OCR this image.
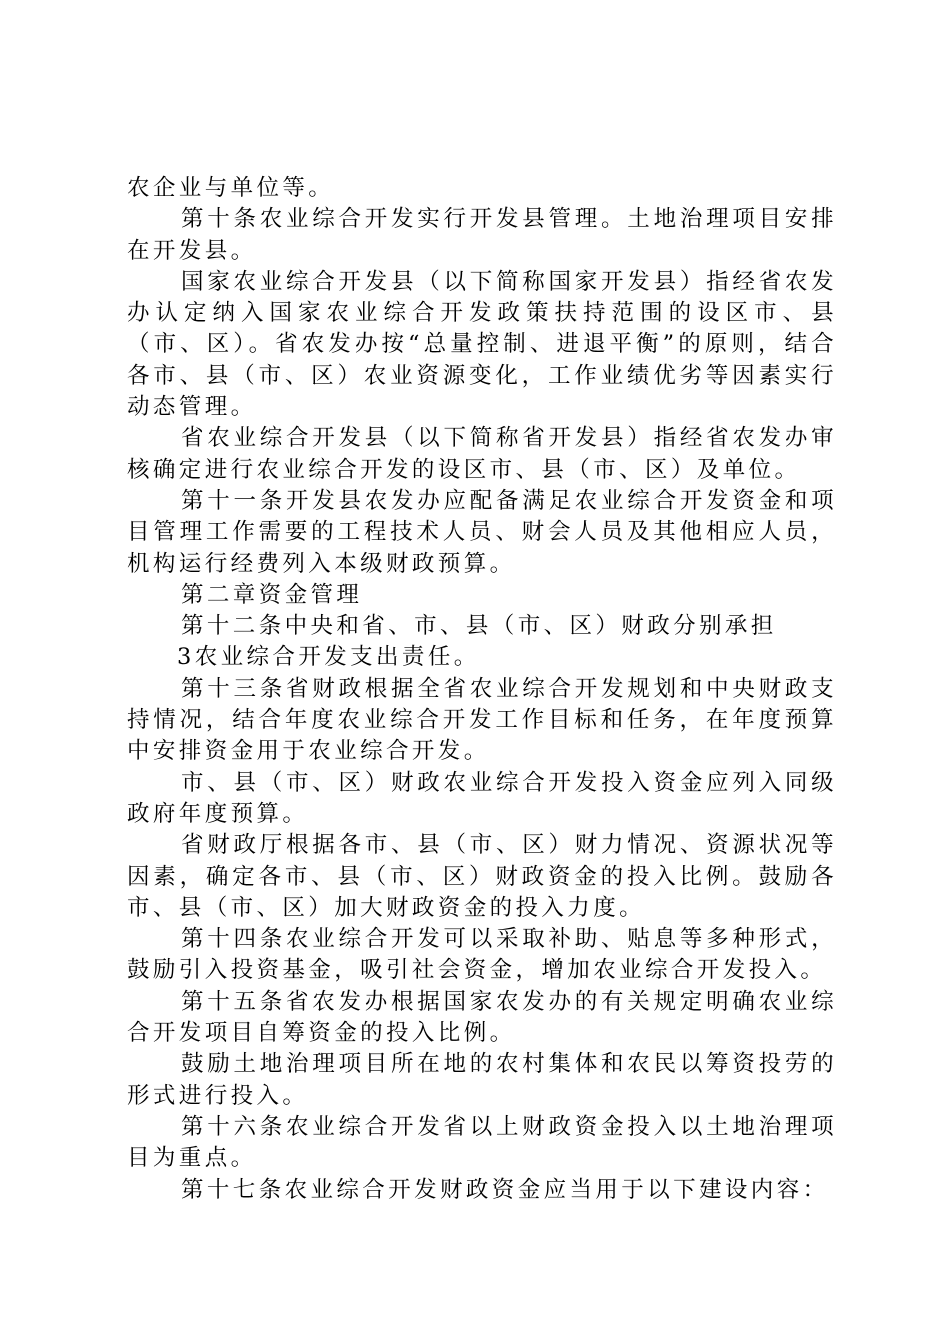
农企业与单位等。

第十条农业综合开发实行开发县管理。土地治理项目安排在开发县。

国家农业综合开发县（以下简称国家开发县）指经省农发办认定纳入国家农业综合开发政策扶持范围的设区市、县（市、区）。省农发办按“总量控制、进退平衡”的原则，结合各市、县（市、区）农业资源变化，工作业绩优劣等因素实行动态管理。

省农业综合开发县（以下简称省开发县）指经省农发办审核确定进行农业综合开发的设区市、县（市、区）及单位。

第十一条开发县农发办应配备满足农业综合开发资金和项目管理工作需要的工程技术人员、财会人员及其他相应人员，机构运行经费列入本级财政预算。

第二章资金管理

第十二条中央和省、市、县（市、区）财政分别承担

3农业综合开发支出责任。

第十三条省财政根据全省农业综合开发规划和中央财政支持情况，结合年度农业综合开发工作目标和任务，在年度预算中安排资金用于农业综合开发。

市、县（市、区）财政农业综合开发投入资金应列入同级政府年度预算。

省财政厅根据各市、县（市、区）财力情况、资源状况等因素，确定各市、县（市、区）财政资金的投入比例。鼓励各市、县（市、区）加大财政资金的投入力度。

第十四条农业综合开发可以采取补助、贴息等多种形式，鼓励引入投资基金，吸引社会资金，增加农业综合开发投入。

第十五条省农发办根据国家农发办的有关规定明确农业综合开发项目自筹资金的投入比例。

鼓励土地治理项目所在地的农村集体和农民以筹资投劳的形式进行投入。

第十六条农业综合开发省以上财政资金投入以土地治理项目为重点。

第十七条农业综合开发财政资金应当用于以下建设内容：
